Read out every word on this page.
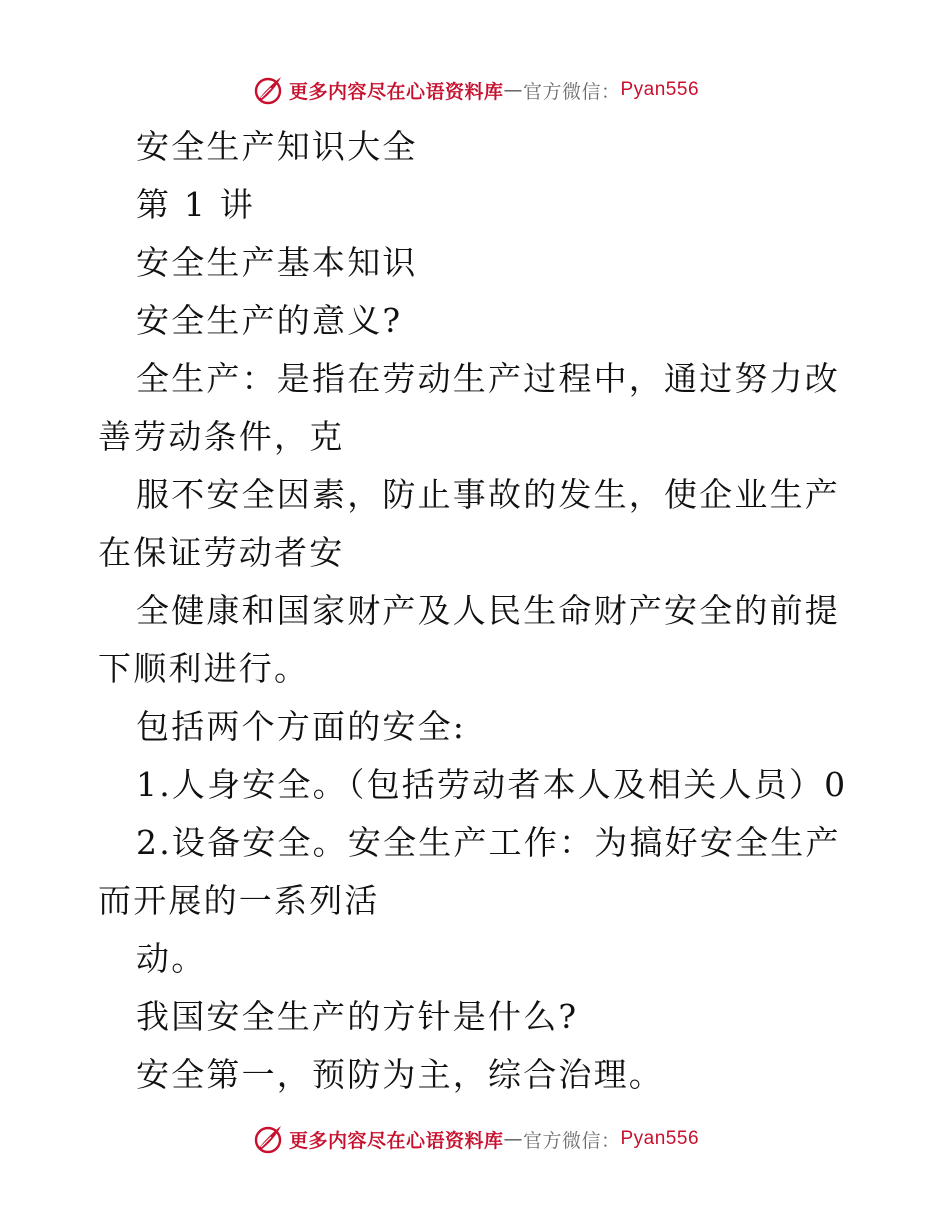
更多内容尽在心语资料库 — 官方微信： Pyan556

安全生产知识大全

第 1 讲

安全生产基本知识

安全生产的意义?

全生产：是指在劳动生产过程中，通过努力改善劳动条件，克

服不安全因素，防止事故的发生，使企业生产在保证劳动者安

全健康和国家财产及人民生命财产安全的前提下顺利进行。

包括两个方面的安全:

1.人身安全。（包括劳动者本人及相关人员）0

2.设备安全。安全生产工作：为搞好安全生产而开展的一系列活

动。

我国安全生产的方针是什么?

安全第一，预防为主，综合治理。

更多内容尽在心语资料库 — 官方微信： Pyan556
